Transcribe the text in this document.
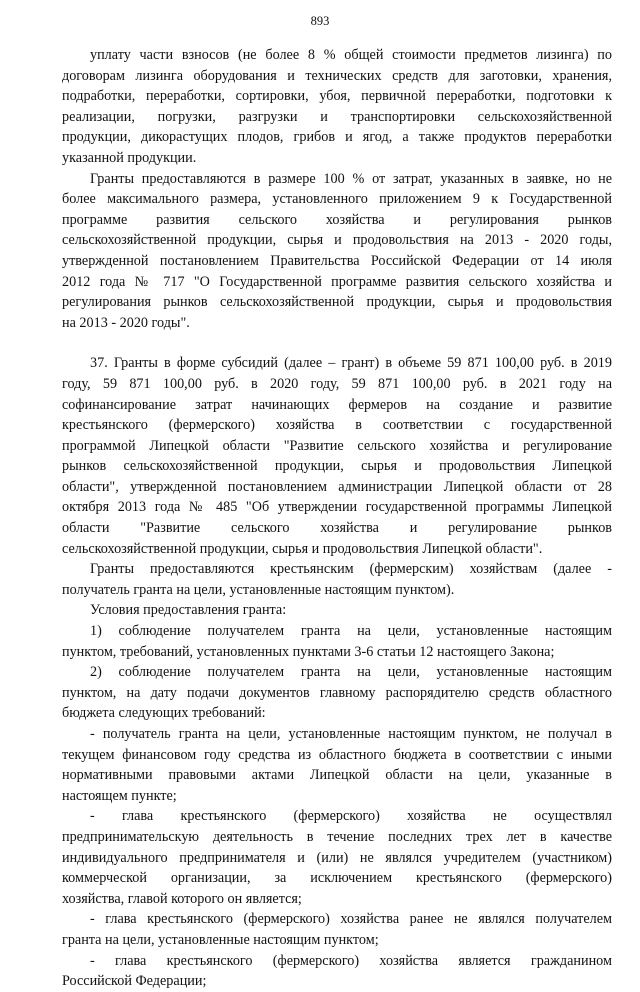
893
уплату части взносов (не более 8 % общей стоимости предметов лизинга) по
договорам лизинга оборудования и технических средств для заготовки, хранения,
подработки, переработки, сортировки, убоя, первичной переработки, подготовки к
реализации, погрузки, разгрузки и транспортировки сельскохозяйственной
продукции, дикорастущих плодов, грибов и ягод, а также продуктов переработки
указанной продукции.
Гранты предоставляются в размере 100 % от затрат, указанных в заявке, но не
более максимального размера, установленного приложением 9 к Государственной
программе развития сельского хозяйства и регулирования рынков
сельскохозяйственной продукции, сырья и продовольствия на 2013 - 2020 годы,
утвержденной постановлением Правительства Российской Федерации от 14 июля
2012 года № 717 "О Государственной программе развития сельского хозяйства и
регулирования рынков сельскохозяйственной продукции, сырья и продовольствия
на 2013 - 2020 годы".
37. Гранты в форме субсидий (далее – грант) в объеме 59 871 100,00 руб. в 2019
году, 59 871 100,00 руб. в 2020 году, 59 871 100,00 руб. в 2021 году на
софинансирование затрат начинающих фермеров на создание и развитие
крестьянского (фермерского) хозяйства в соответствии с государственной
программой Липецкой области "Развитие сельского хозяйства и регулирование
рынков сельскохозяйственной продукции, сырья и продовольствия Липецкой
области", утвержденной постановлением администрации Липецкой области от 28
октября 2013 года № 485 "Об утверждении государственной программы Липецкой
области "Развитие сельского хозяйства и регулирование рынков
сельскохозяйственной продукции, сырья и продовольствия Липецкой области".
Гранты предоставляются крестьянским (фермерским) хозяйствам (далее -
получатель гранта на цели, установленные настоящим пунктом).
Условия предоставления гранта:
1) соблюдение получателем гранта на цели, установленные настоящим
пунктом, требований, установленных пунктами 3-6 статьи 12 настоящего Закона;
2) соблюдение получателем гранта на цели, установленные настоящим
пунктом, на дату подачи документов главному распорядителю средств областного
бюджета следующих требований:
- получатель гранта на цели, установленные настоящим пунктом, не получал в
текущем финансовом году средства из областного бюджета в соответствии с иными
нормативными правовыми актами Липецкой области на цели, указанные в
настоящем пункте;
- глава крестьянского (фермерского) хозяйства не осуществлял
предпринимательскую деятельность в течение последних трех лет в качестве
индивидуального предпринимателя и (или) не являлся учредителем (участником)
коммерческой организации, за исключением крестьянского (фермерского)
хозяйства, главой которого он является;
- глава крестьянского (фермерского) хозяйства ранее не являлся получателем
гранта на цели, установленные настоящим пунктом;
- глава крестьянского (фермерского) хозяйства является гражданином
Российской Федерации;
